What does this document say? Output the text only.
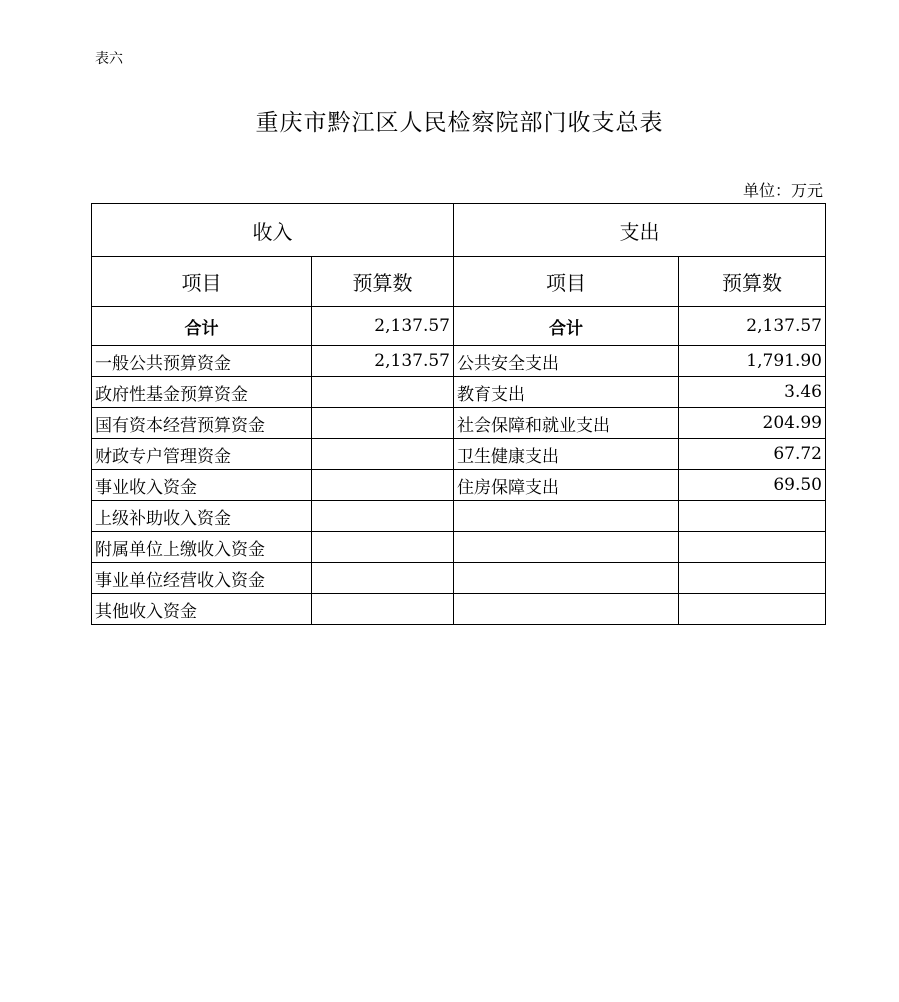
表六
重庆市黔江区人民检察院部门收支总表
单位：万元
收入		支出	
项目	预算数	项目	预算数
合计	2,137.57	合计	2,137.57
一般公共预算资金	2,137.57	公共安全支出	1,791.90
政府性基金预算资金		教育支出	3.46
国有资本经营预算资金		社会保障和就业支出	204.99
财政专户管理资金		卫生健康支出	67.72
事业收入资金		住房保障支出	69.50
上级补助收入资金			
附属单位上缴收入资金			
事业单位经营收入资金			
其他收入资金			
